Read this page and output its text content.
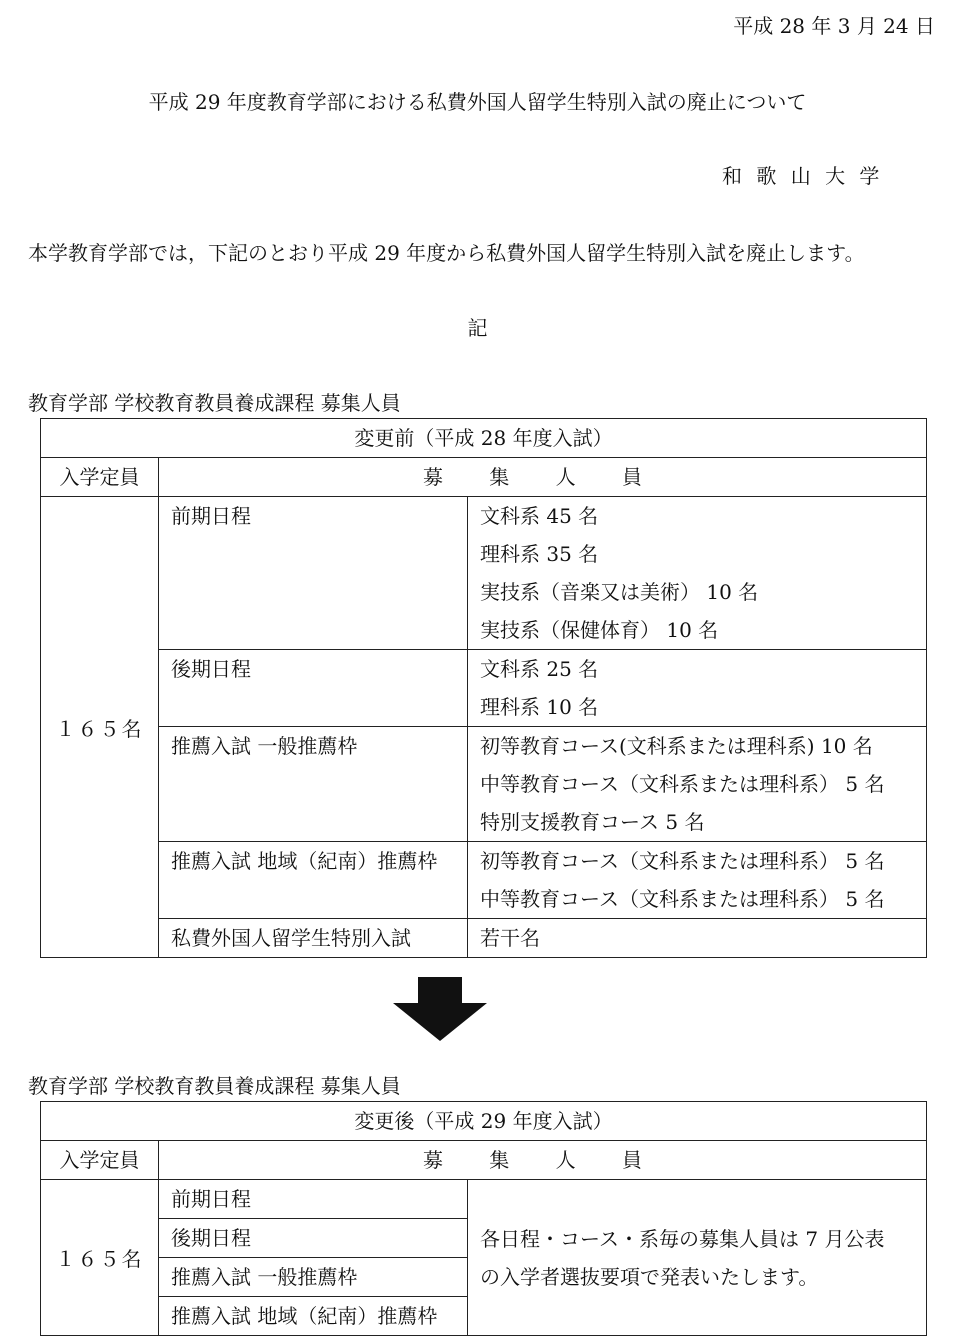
平成 28 年 3 月 24 日
平成 29 年度教育学部における私費外国人留学生特別入試の廃止について
和 歌 山 大 学
本学教育学部では，下記のとおり平成 29 年度から私費外国人留学生特別入試を廃止します。
記
教育学部 学校教育教員養成課程 募集人員
変更前（平成 28 年度入試）		
入学定員	募 集 人 員	
１６５名	前期日程	文科系 45 名
理科系 35 名
実技系（音楽又は美術） 10 名
実技系（保健体育） 10 名

	後期日程	文科系 25 名
理科系 10 名

	推薦入試 一般推薦枠	初等教育コース(文科系または理科系) 10 名
中等教育コース（文科系または理科系） 5 名
特別支援教育コース 5 名

	推薦入試 地域（紀南）推薦枠	初等教育コース（文科系または理科系） 5 名
中等教育コース（文科系または理科系） 5 名

	私費外国人留学生特別入試	若干名
教育学部 学校教育教員養成課程 募集人員
変更後（平成 29 年度入試）		
入学定員	募 集 人 員	
１６５名	前期日程	各日程・コース・系毎の募集人員は 7 月公表
の入学者選抜要項で発表いたします。

	後期日程	
	推薦入試 一般推薦枠	
	推薦入試 地域（紀南）推薦枠	
